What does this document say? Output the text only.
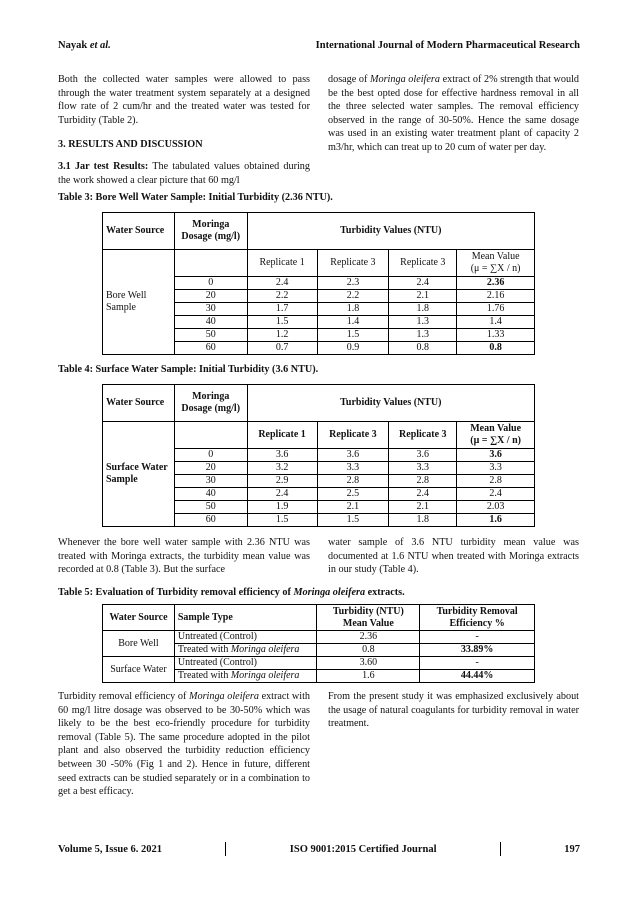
Nayak et al.	International Journal of Modern Pharmaceutical Research

Both the collected water samples were allowed to pass through the water treatment system separately at a designed flow rate of 2 cum/hr and the treated water was tested for Turbidity (Table 2).

3. RESULTS AND DISCUSSION

3.1 Jar test Results: The tabulated values obtained during the work showed a clear picture that 60 mg/l

dosage of Moringa oleifera extract of 2% strength that would be the best opted dose for effective hardness removal in all the three selected water samples. The removal efficiency observed in the range of 30-50%. Hence the same dosage was used in an existing water treatment plant of capacity 2 m3/hr, which can treat up to 20 cum of water per day.

Table 3: Bore Well Water Sample: Initial Turbidity (2.36 NTU).
Water Source	Moringa Dosage (mg/l)	Turbidity Values (NTU)			
Bore Well Sample		Replicate 1	Replicate 3	Replicate 3	Mean Value
(μ = ∑X / n)
	0	2.4	2.3	2.4	2.36
	20	2.2	2.2	2.1	2.16
	30	1.7	1.8	1.8	1.76
	40	1.5	1.4	1.3	1.4
	50	1.2	1.5	1.3	1.33
	60	0.7	0.9	0.8	0.8
Table 4: Surface Water Sample: Initial Turbidity (3.6 NTU).
Water Source	Moringa Dosage (mg/l)	Turbidity Values (NTU)			
Surface Water Sample		Replicate 1	Replicate 3	Replicate 3	Mean Value
(μ = ∑X / n)
	0	3.6	3.6	3.6	3.6
	20	3.2	3.3	3.3	3.3
	30	2.9	2.8	2.8	2.8
	40	2.4	2.5	2.4	2.4
	50	1.9	2.1	2.1	2.03
	60	1.5	1.5	1.8	1.6

Whenever the bore well water sample with 2.36 NTU was treated with Moringa extracts, the turbidity mean value was recorded at 0.8 (Table 3). But the surface

water sample of 3.6 NTU turbidity mean value was documented at 1.6 NTU when treated with Moringa extracts in our study (Table 4).

Table 5: Evaluation of Turbidity removal efficiency of Moringa oleifera extracts.
Water Source	Sample Type	Turbidity (NTU) Mean Value	Turbidity Removal Efficiency %
Bore Well	Untreated (Control)	2.36	-
	Treated with Moringa oleifera	0.8	33.89%
Surface Water	Untreated (Control)	3.60	-
	Treated with Moringa oleifera	1.6	44.44%

Turbidity removal efficiency of Moringa oleifera extract with 60 mg/l litre dosage was observed to be 30-50% which was likely to be the best eco-friendly procedure for turbidity removal (Table 5). The same procedure adopted in the pilot plant and also observed the turbidity reduction efficiency between 30 -50% (Fig 1 and 2). Hence in future, different seed extracts can be studied separately or in a combination to get a best efficacy.

From the present study it was emphasized exclusively about the usage of natural coagulants for turbidity removal in water treatment.

Volume 5, Issue 6. 2021	ISO 9001:2015 Certified Journal	197
